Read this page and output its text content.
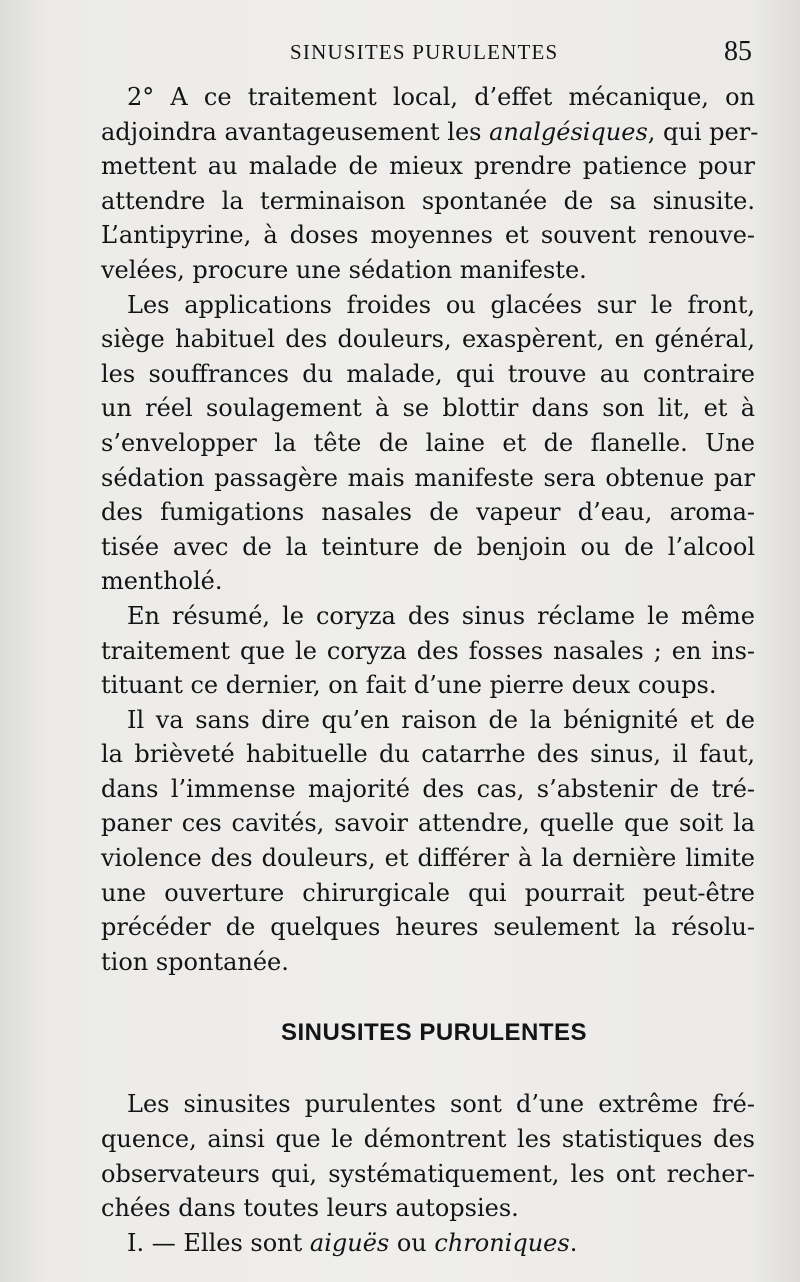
SINUSITES PURULENTES	85
2° A ce traitement local, d’effet mécanique, on
adjoindra avantageusement les analgésiques, qui per-
mettent au malade de mieux prendre patience pour
attendre la terminaison spontanée de sa sinusite.
L’antipyrine, à doses moyennes et souvent renouve-
velées, procure une sédation manifeste.
Les applications froides ou glacées sur le front,
siège habituel des douleurs, exaspèrent, en général,
les souffrances du malade, qui trouve au contraire
un réel soulagement à se blottir dans son lit, et à
s’envelopper la tête de laine et de flanelle. Une
sédation passagère mais manifeste sera obtenue par
des fumigations nasales de vapeur d’eau, aroma-
tisée avec de la teinture de benjoin ou de l’alcool
mentholé.
En résumé, le coryza des sinus réclame le même
traitement que le coryza des fosses nasales ; en ins-
tituant ce dernier, on fait d’une pierre deux coups.
Il va sans dire qu’en raison de la bénignité et de
la brièveté habituelle du catarrhe des sinus, il faut,
dans l’immense majorité des cas, s’abstenir de tré-
paner ces cavités, savoir attendre, quelle que soit la
violence des douleurs, et différer à la dernière limite
une ouverture chirurgicale qui pourrait peut-être
précéder de quelques heures seulement la résolu-
tion spontanée.
SINUSITES PURULENTES
Les sinusites purulentes sont d’une extrême fré-
quence, ainsi que le démontrent les statistiques des
observateurs qui, systématiquement, les ont recher-
chées dans toutes leurs autopsies.
I. — Elles sont aiguës ou chroniques.
